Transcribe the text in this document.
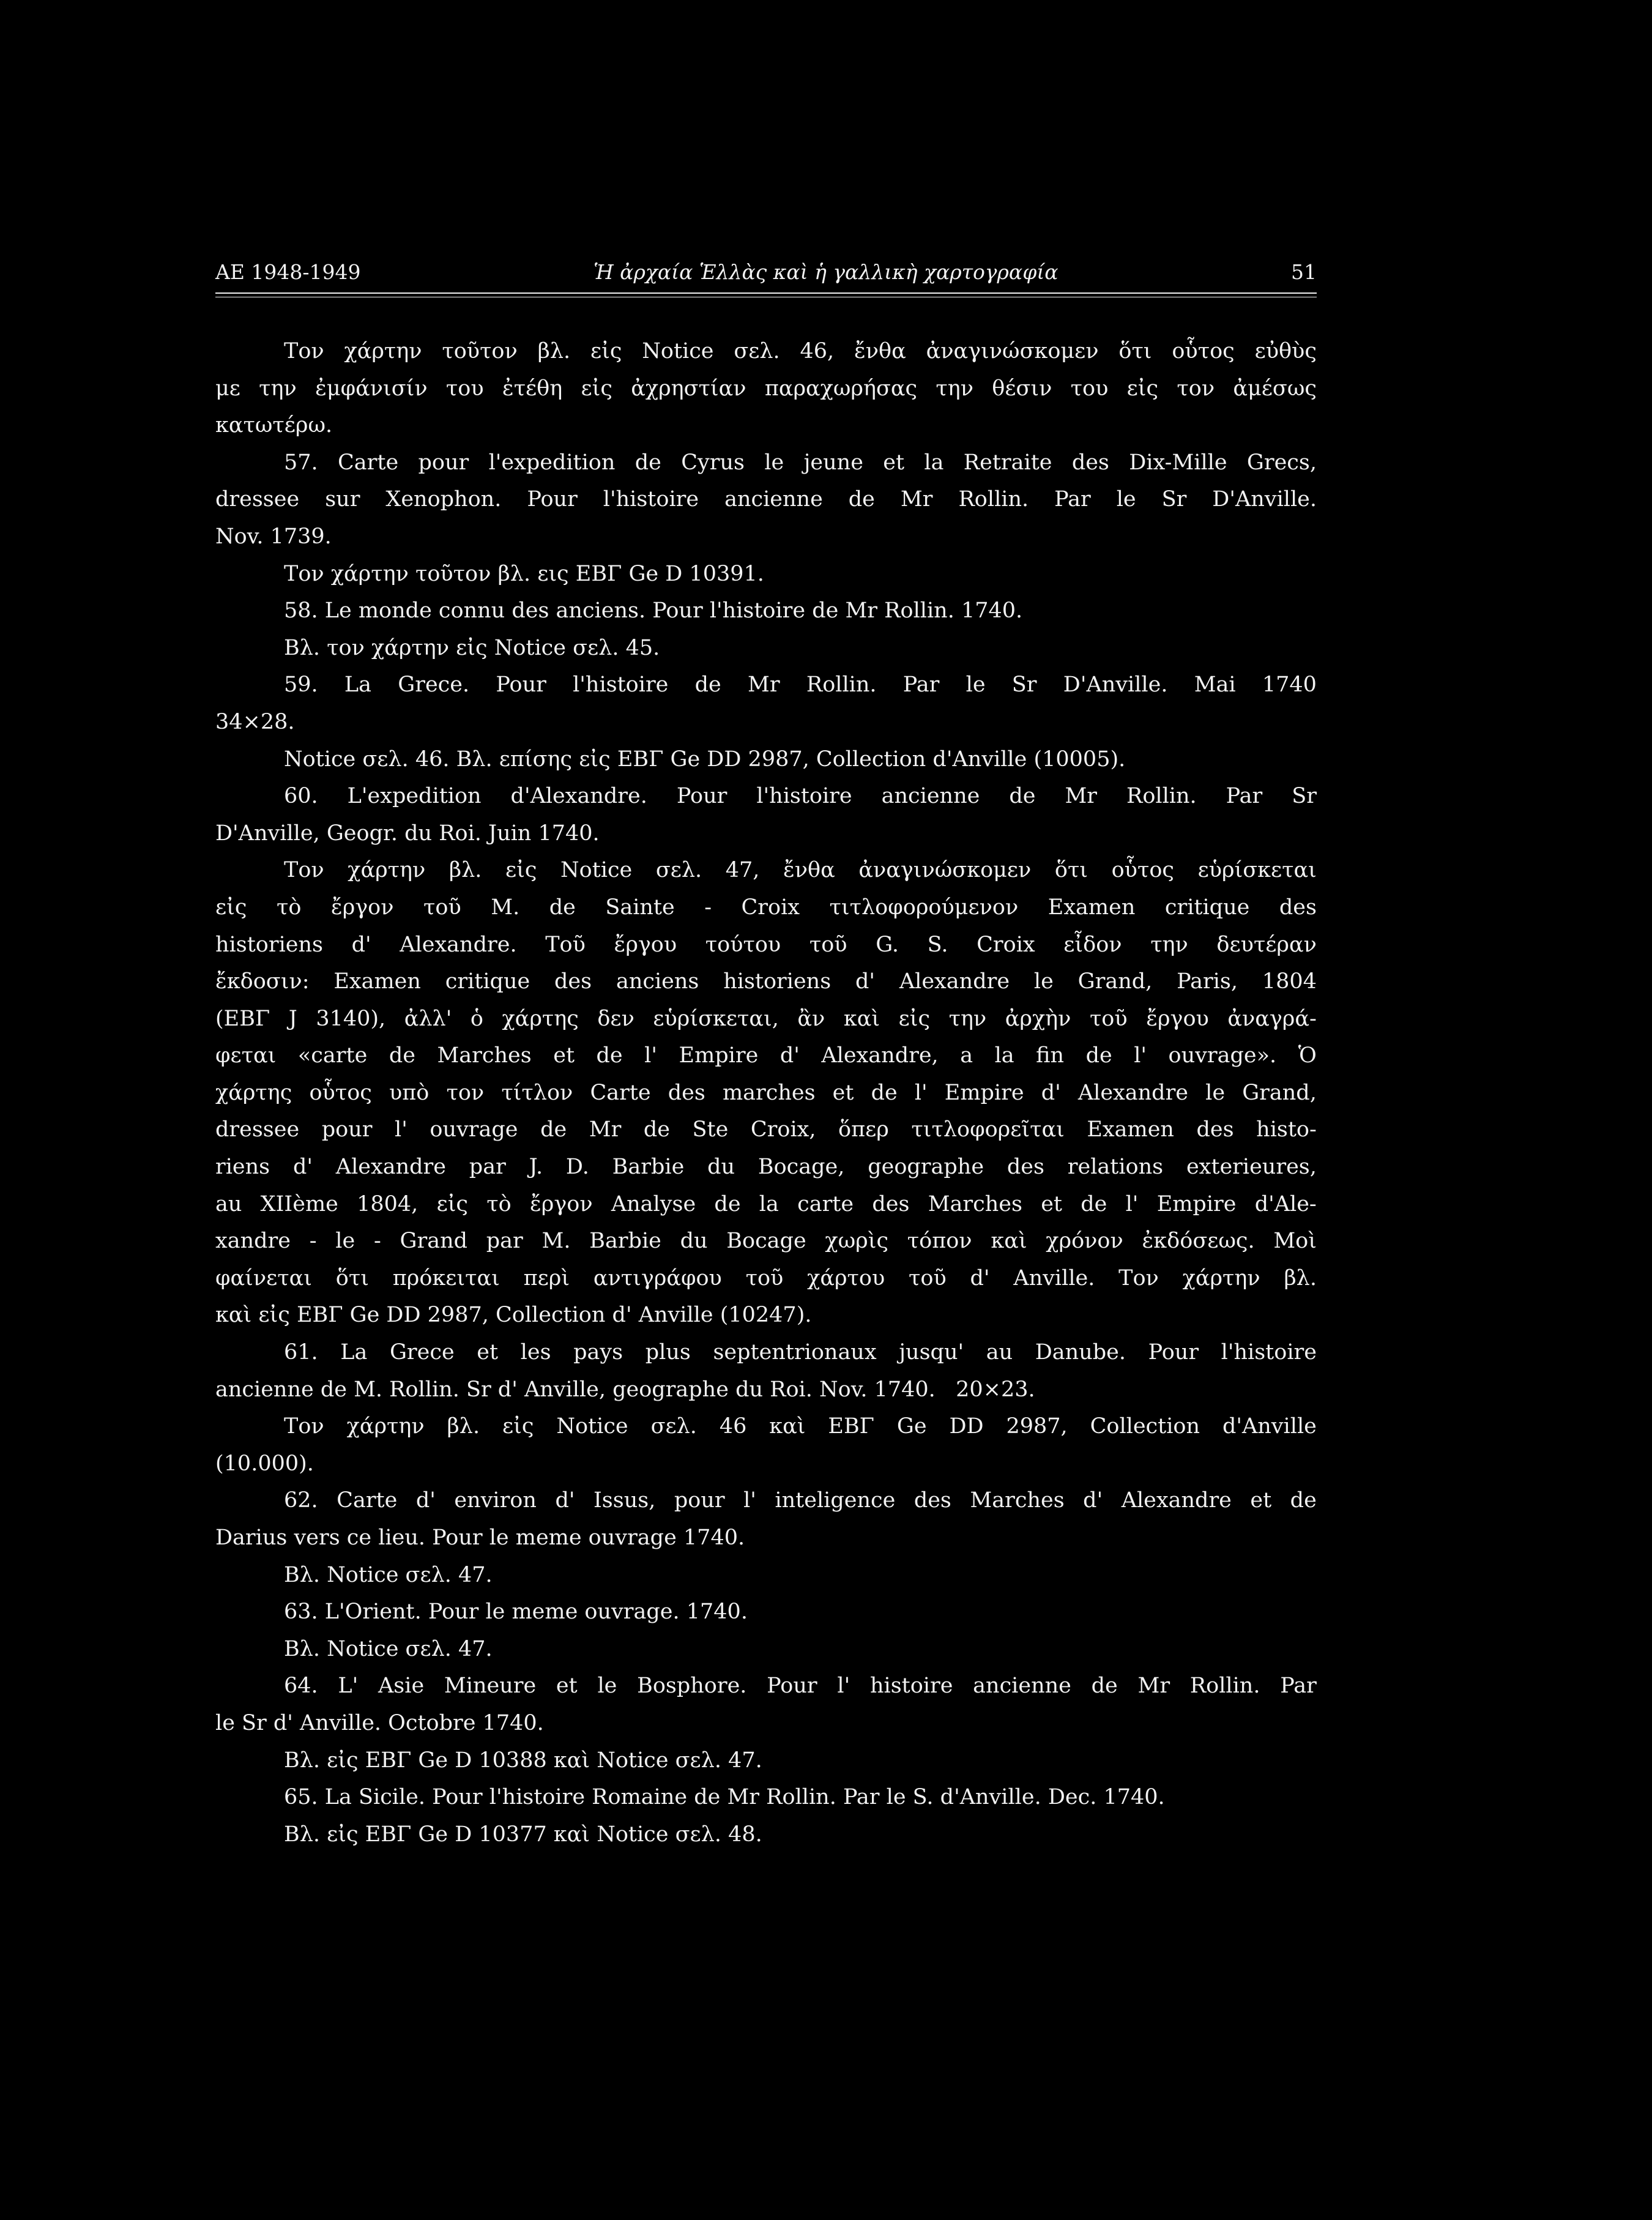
ΑΕ 1948-1949	Ἡ ἀρχαία Ἑλλὰς καὶ ἡ γαλλικὴ χαρτογραφία	51
Τον χάρτην τοῦτον βλ. εἰς Notice σελ. 46, ἔνθα ἀναγινώσκομεν ὅτι οὗτος εὐθὺς
με την ἐμφάνισίν του ἐτέθη εἰς ἀχρηστίαν παραχωρήσας την θέσιν του εἰς τον ἀμέσως
κατωτέρω.
57. Carte pour l'expedition de Cyrus le jeune et la Retraite des Dix-Mille Grecs,
dressee sur Xenophon. Pour l'histoire ancienne de Mr Rollin. Par le Sr D'Anville.
Nov. 1739.
Τον χάρτην τοῦτον βλ. εις ΕΒΓ Ge D 10391.
58. Le monde connu des anciens. Pour l'histoire de Mr Rollin. 1740.
Βλ. τον χάρτην εἰς Notice σελ. 45.
59. La Grece. Pour l'histoire de Mr Rollin. Par le Sr D'Anville. Mai 1740
34×28.
Notice σελ. 46. Βλ. επίσης εἰς ΕΒΓ Ge DD 2987, Collection d'Anville (10005).
60. L'expedition d'Alexandre. Pour l'histoire ancienne de Mr Rollin. Par Sr
D'Anville, Geogr. du Roi. Juin 1740.
Τον χάρτην βλ. εἰς Notice σελ. 47, ἔνθα ἀναγινώσκομεν ὅτι οὗτος εὑρίσκεται
εἰς τὸ ἔργον τοῦ M. de Sainte - Croix τιτλοφορούμενον Examen critique des
historiens d' Alexandre. Τοῦ ἔργου τούτου τοῦ G. S. Croix εἶδον την δευτέραν
ἔκδοσιν: Examen critique des anciens historiens d' Alexandre le Grand, Paris, 1804
(ΕΒΓ J 3140), ἀλλ' ὁ χάρτης δεν εὑρίσκεται, ἂν καὶ εἰς την ἀρχὴν τοῦ ἔργου ἀναγρά-
φεται «carte de Marches et de l' Empire d' Alexandre, a la fin de l' ouvrage». Ὁ
χάρτης οὗτος υπὸ τον τίτλον Carte des marches et de l' Empire d' Alexandre le Grand,
dressee pour l' ouvrage de Mr de Ste Croix, ὅπερ τιτλοφορεῖται Examen des histo-
riens d' Alexandre par J. D. Barbie du Bocage, geographe des relations exterieures,
au XIIème 1804, εἰς τὸ ἔργον Analyse de la carte des Marches et de l' Empire d'Ale-
xandre - le - Grand par M. Barbie du Bocage χωρὶς τόπον καὶ χρόνον ἐκδόσεως. Μοὶ
φαίνεται ὅτι πρόκειται περὶ αντιγράφου τοῦ χάρτου τοῦ d' Anville. Τον χάρτην βλ.
καὶ εἰς ΕΒΓ Ge DD 2987, Collection d' Anville (10247).
61. La Grece et les pays plus septentrionaux jusqu' au Danube. Pour l'histoire
ancienne de M. Rollin. Sr d' Anville, geographe du Roi. Nov. 1740.   20×23.
Τον χάρτην βλ. εἰς Notice σελ. 46 καὶ ΕΒΓ Ge DD 2987, Collection d'Anville
(10.000).
62. Carte d' environ d' Issus, pour l' inteligence des Marches d' Alexandre et de
Darius vers ce lieu. Pour le meme ouvrage 1740.
Βλ. Notice σελ. 47.
63. L'Orient. Pour le meme ouvrage. 1740.
Βλ. Notice σελ. 47.
64. L' Asie Mineure et le Bosphore. Pour l' histoire ancienne de Mr Rollin. Par
le Sr d' Anville. Octobre 1740.
Βλ. εἰς ΕΒΓ Ge D 10388 καὶ Notice σελ. 47.
65. La Sicile. Pour l'histoire Romaine de Mr Rollin. Par le S. d'Anville. Dec. 1740.
Βλ. εἰς ΕΒΓ Ge D 10377 καὶ Notice σελ. 48.
